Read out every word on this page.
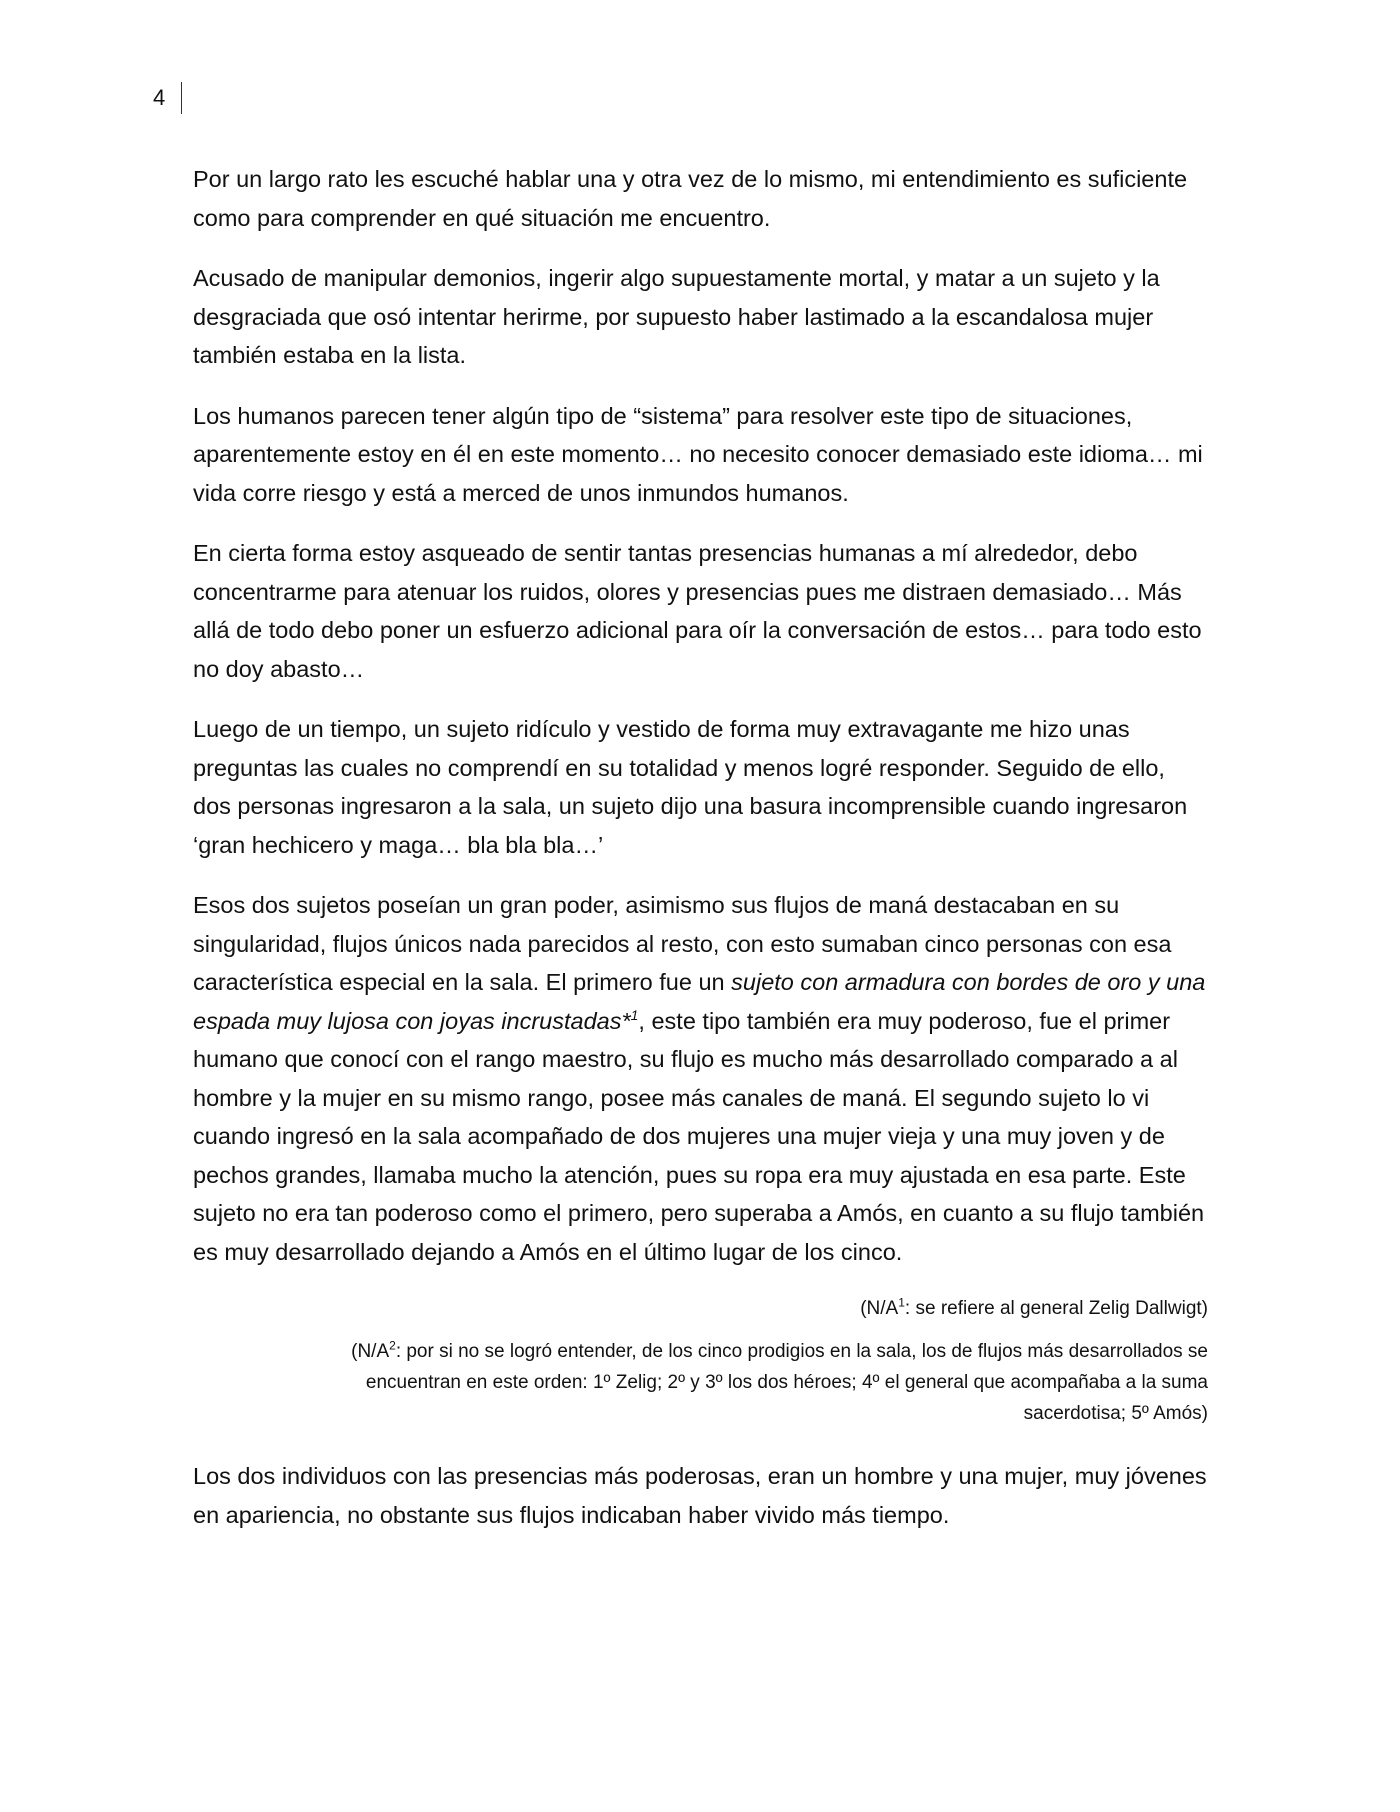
4

Por un largo rato les escuché hablar una y otra vez de lo mismo, mi entendimiento es suficiente como para comprender en qué situación me encuentro.

Acusado de manipular demonios, ingerir algo supuestamente mortal, y matar a un sujeto y la desgraciada que osó intentar herirme, por supuesto haber lastimado a la escandalosa mujer también estaba en la lista.

Los humanos parecen tener algún tipo de “sistema” para resolver este tipo de situaciones, aparentemente estoy en él en este momento… no necesito conocer demasiado este idioma… mi vida corre riesgo y está a merced de unos inmundos humanos.

En cierta forma estoy asqueado de sentir tantas presencias humanas a mí alrededor, debo concentrarme para atenuar los ruidos, olores y presencias pues me distraen demasiado… Más allá de todo debo poner un esfuerzo adicional para oír la conversación de estos… para todo esto no doy abasto…

Luego de un tiempo, un sujeto ridículo y vestido de forma muy extravagante me hizo unas preguntas las cuales no comprendí en su totalidad y menos logré responder. Seguido de ello, dos personas ingresaron a la sala, un sujeto dijo una basura incomprensible cuando ingresaron ‘gran hechicero y maga… bla bla bla…’

Esos dos sujetos poseían un gran poder, asimismo sus flujos de maná destacaban en su singularidad, flujos únicos nada parecidos al resto, con esto sumaban cinco personas con esa característica especial en la sala. El primero fue un sujeto con armadura con bordes de oro y una espada muy lujosa con joyas incrustadas*$^1$, este tipo también era muy poderoso, fue el primer humano que conocí con el rango maestro, su flujo es mucho más desarrollado comparado a al hombre y la mujer en su mismo rango, posee más canales de maná. El segundo sujeto lo vi cuando ingresó en la sala acompañado de dos mujeres una mujer vieja y una muy joven y de pechos grandes, llamaba mucho la atención, pues su ropa era muy ajustada en esa parte. Este sujeto no era tan poderoso como el primero, pero superaba a Amós, en cuanto a su flujo también es muy desarrollado dejando a Amós en el último lugar de los cinco.

($N/A^1$: se refiere al general Zelig Dallwigt)

($N/A^2$: por si no se logró entender, de los cinco prodigios en la sala, los de flujos más desarrollados se encuentran en este orden: 1º Zelig; 2º y 3º los dos héroes; 4º el general que acompañaba a la suma sacerdotisa; 5º Amós)

Los dos individuos con las presencias más poderosas, eran un hombre y una mujer, muy jóvenes en apariencia, no obstante sus flujos indicaban haber vivido más tiempo.
